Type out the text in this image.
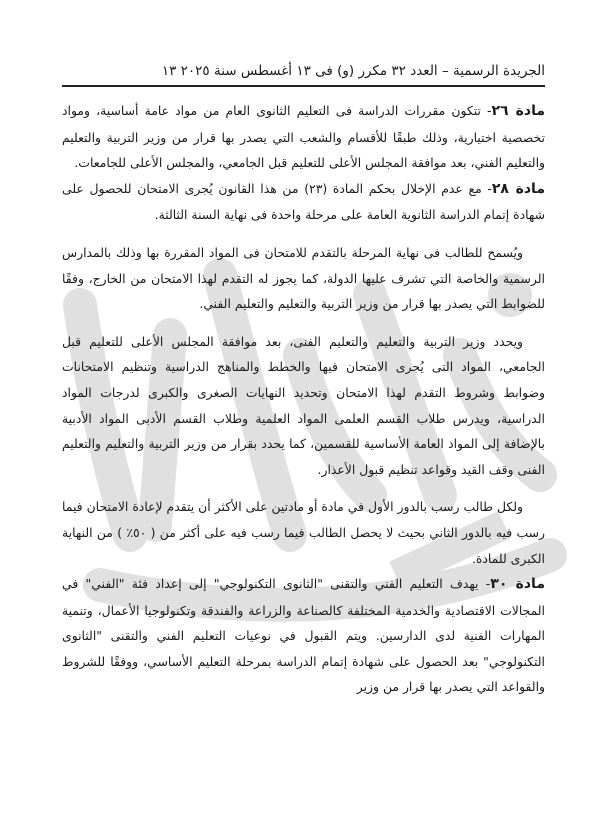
الجريدة الرسمية – العدد ٣٢ مكرر (و) فى ١٣ أغسطس سنة ٢٠٢٥ ١٣

مادة ٢٦- تتكون مقررات الدراسة فى التعليم الثانوى العام من مواد عامة أساسية، ومواد تخصصية اختيارية، وذلك طبقًا للأقسام والشعب التي يصدر بها قرار من وزير التربية والتعليم والتعليم الفني، بعد موافقة المجلس الأعلى للتعليم قبل الجامعي، والمجلس الأعلى للجامعات.

مادة ٢٨- مع عدم الإخلال بحكم المادة (٢٣) من هذا القانون يُجرى الامتحان للحصول على شهادة إتمام الدراسة الثانوية العامة على مرحلة واحدة فى نهاية السنة الثالثة.

ويُسمح للطالب فى نهاية المرحلة بالتقدم للامتحان فى المواد المقررة بها وذلك بالمدارس الرسمية والخاصة التي تشرف عليها الدولة، كما يجوز له التقدم لهذا الامتحان من الخارج، وفقًا للضوابط التي يصدر بها قرار من وزير التربية والتعليم والتعليم الفني.

ويحدد وزير التربية والتعليم والتعليم الفنى، بعد موافقة المجلس الأعلى للتعليم قبل الجامعي، المواد التى يُجرى الامتحان فيها والخطط والمناهج الدراسية وتنظيم الامتحانات وضوابط وشروط التقدم لهذا الامتحان وتحديد النهايات الصغرى والكبرى لدرجات المواد الدراسية، ويدرس طلاب القسم العلمى المواد العلمية وطلاب القسم الأدبى المواد الأدبية بالإضافة إلى المواد العامة الأساسية للقسمين، كما يحدد بقرار من وزير التربية والتعليم والتعليم الفنى وقف القيد وقواعد تنظيم قبول الأعذار.

ولكل طالب رسب بالدور الأول في مادة أو مادتين على الأكثر أن يتقدم لإعادة الامتحان فيما رسب فيه بالدور الثاني بحيث لا يحصل الطالب فيما رسب فيه على أكثر من ( ٥٠٪ ) من النهاية الكبرى للمادة.

مادة ٣٠- يهدف التعليم الفني والتقنى "الثانوى التكنولوجي" إلى إعداد فئة "الفني" في المجالات الاقتصادية والخدمية المختلفة كالصناعة والزراعة والفندقة وتكنولوجيا الأعمال، وتنمية المهارات الفنية لدى الدارسين. ويتم القبول في نوعيات التعليم الفني والتقنى "الثانوى التكنولوجي" بعد الحصول على شهادة إتمام الدراسة بمرحلة التعليم الأساسي، ووفقًا للشروط والقواعد التي يصدر بها قرار من وزير
